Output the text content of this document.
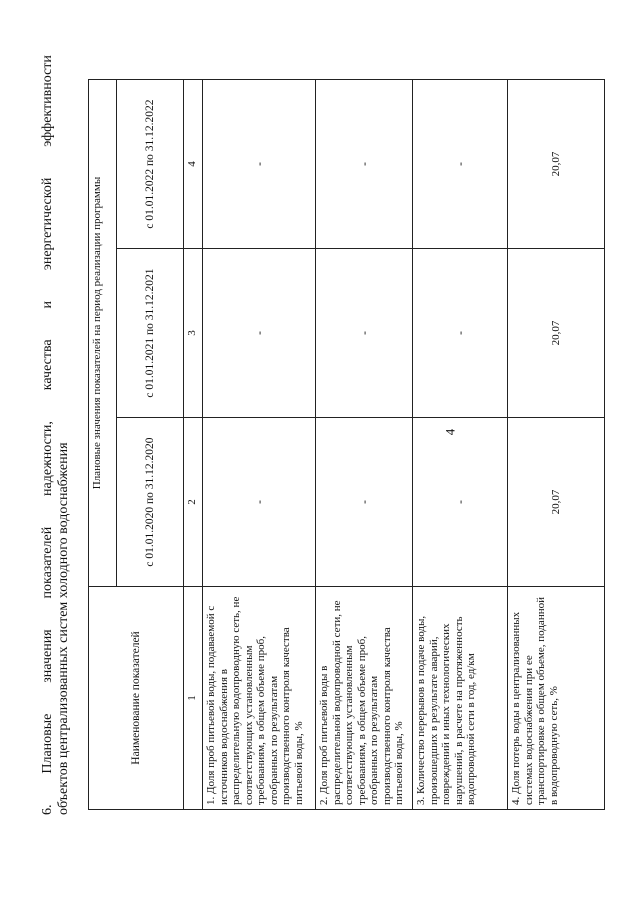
4
6.
Плановые
значения
показателей
надежности,
качества
и
энергетической
эффективности
объектов централизованных систем холодного водоснабжения	Наименование показателей	Плановые значения показателей на период реализации программы		
	с 01.01.2020 по 31.12.2020	с 01.01.2021 по 31.12.2021	с 01.01.2022 по 31.12.2022
1	2	3	4
1. Доля проб питьевой воды, подаваемой с источников водоснабжения в распределительную водопроводную сеть, не соответствующих установленным требованиям, в общем объеме проб, отобранных по результатам производственного контроля качества питьевой воды, %	-	-	-
2. Доля проб питьевой воды в распределительной водопроводной сети, не соответствующих установленным требованиям, в общем объеме проб, отобранных по результатам производственного контроля качества питьевой воды, %	-	-	-
3. Количество перерывов в подаче воды, произошедших в результате аварий, повреждений и иных технологических нарушений, в расчете на протяженность водопроводной сети в год, ед/км	-	-	-
4. Доля потерь воды в централизованных системах водоснабжения при ее транспортировке в общем объеме, поданной в водопроводную сеть, %	20,07	20,07	20,07
